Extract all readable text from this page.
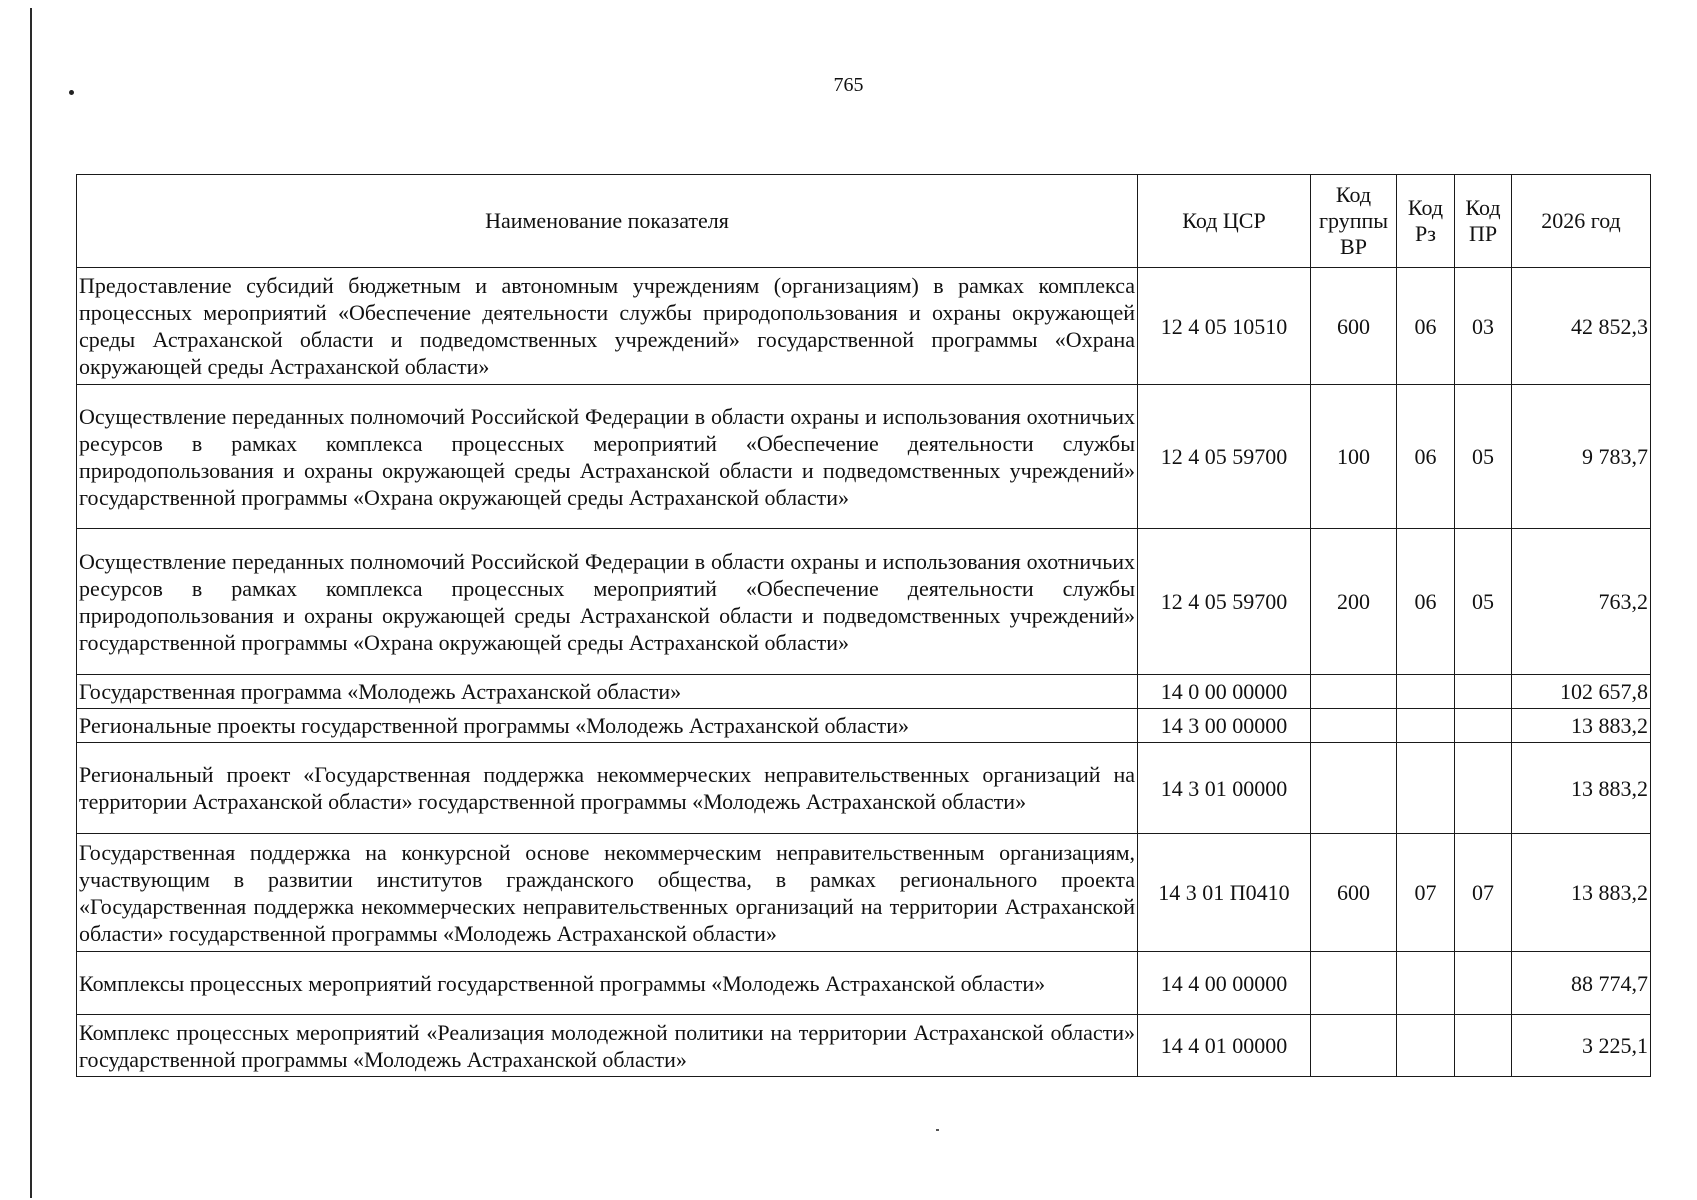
765
Наименование показателя	Код ЦСР	Код группы ВР	Код Рз	Код ПР	2026 год
Предоставление субсидий бюджетным и автономным учреждениям (организациям) в рамках комплекса процессных мероприятий «Обеспечение деятельности службы природопользования и охраны окружающей среды Астраханской области и подведомственных учреждений» государственной программы «Охрана окружающей среды Астраханской области»	12 4 05 10510	600	06	03	42 852,3
Осуществление переданных полномочий Российской Федерации в области охраны и использования охотничьих ресурсов в рамках комплекса процессных мероприятий «Обеспечение деятельности службы природопользования и охраны окружающей среды Астраханской области и подведомственных учреждений» государственной программы «Охрана окружающей среды Астраханской области»	12 4 05 59700	100	06	05	9 783,7
Осуществление переданных полномочий Российской Федерации в области охраны и использования охотничьих ресурсов в рамках комплекса процессных мероприятий «Обеспечение деятельности службы природопользования и охраны окружающей среды Астраханской области и подведомственных учреждений» государственной программы «Охрана окружающей среды Астраханской области»	12 4 05 59700	200	06	05	763,2
Государственная программа «Молодежь Астраханской области»	14 0 00 00000				102 657,8
Региональные проекты государственной программы «Молодежь Астраханской области»	14 3 00 00000				13 883,2
Региональный проект «Государственная поддержка некоммерческих неправительственных организаций на территории Астраханской области» государственной программы «Молодежь Астраханской области»	14 3 01 00000				13 883,2
Государственная поддержка на конкурсной основе некоммерческим неправительственным организациям, участвующим в развитии институтов гражданского общества, в рамках регионального проекта «Государственная поддержка некоммерческих неправительственных организаций на территории Астраханской области» государственной программы «Молодежь Астраханской области»	14 3 01 П0410	600	07	07	13 883,2
Комплексы процессных мероприятий государственной программы «Молодежь Астраханской области»	14 4 00 00000				88 774,7
Комплекс процессных мероприятий «Реализация молодежной политики на территории Астраханской области» государственной программы «Молодежь Астраханской области»	14 4 01 00000				3 225,1
